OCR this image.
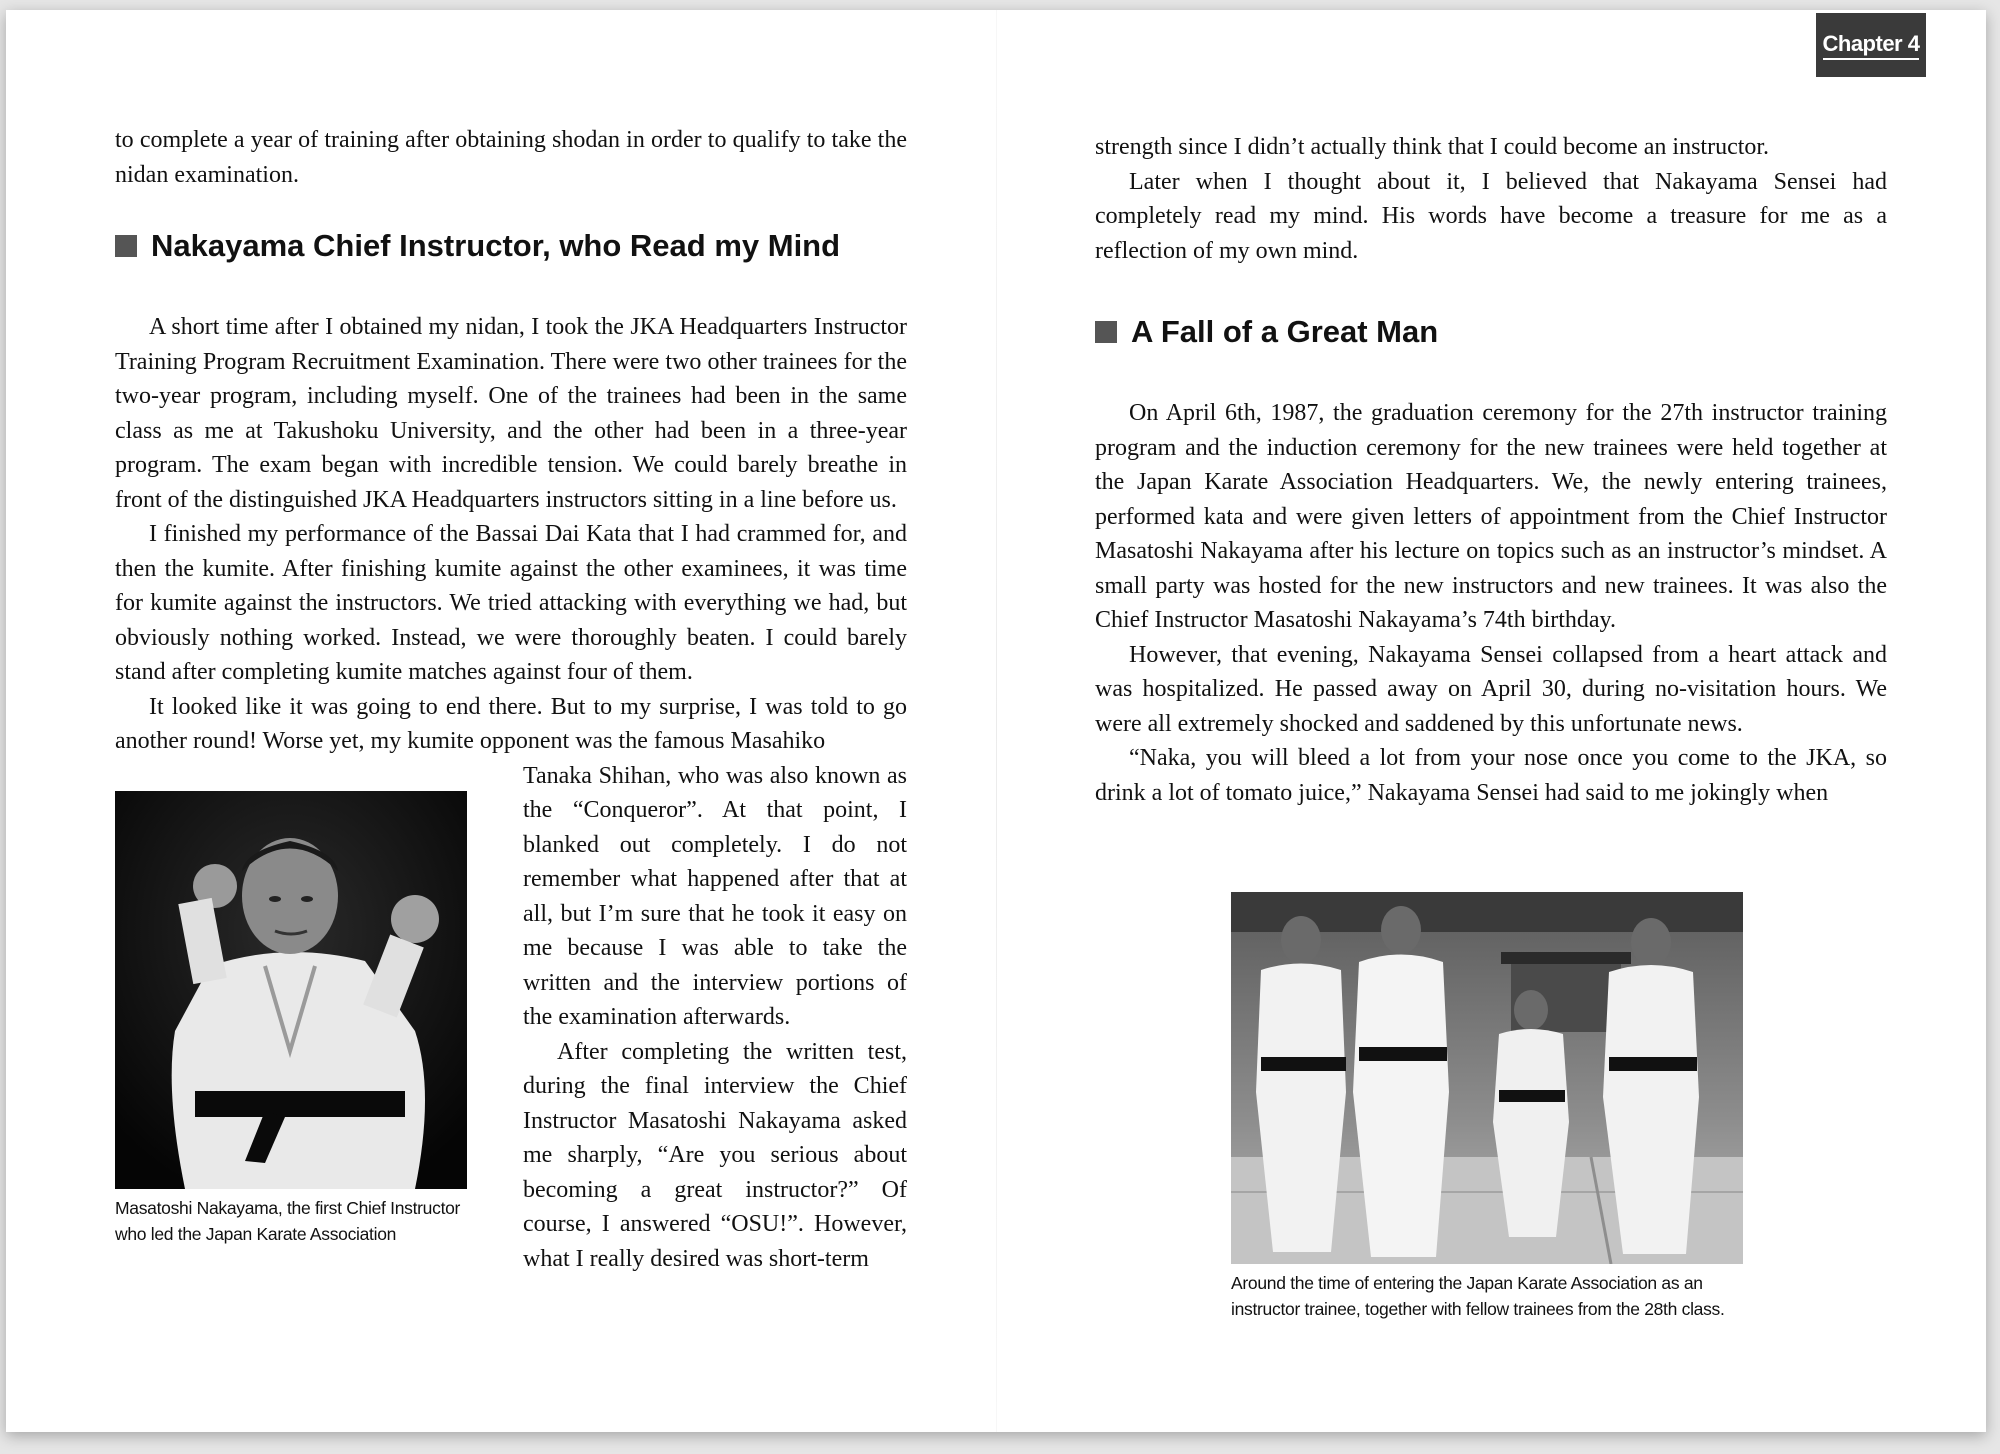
Chapter 4

to complete a year of training after obtaining shodan in order to qualify to take the nidan examination.

Nakayama Chief Instructor, who Read my Mind

A short time after I obtained my nidan, I took the JKA Headquarters Instructor Training Program Recruitment Examination. There were two other trainees for the two-year program, including myself. One of the trainees had been in the same class as me at Takushoku University, and the other had been in a three-year program. The exam began with incredible tension. We could barely breathe in front of the distinguished JKA Headquarters instructors sitting in a line before us.

I finished my performance of the Bassai Dai Kata that I had crammed for, and then the kumite. After finishing kumite against the other examinees, it was time for kumite against the instructors. We tried attacking with everything we had, but obviously nothing worked. Instead, we were thoroughly beaten. I could barely stand after completing kumite matches against four of them.

It looked like it was going to end there. But to my surprise, I was told to go another round! Worse yet, my kumite opponent was the famous Masahiko

Masatoshi Nakayama, the first Chief Instructor
who led the Japan Karate Association

Tanaka Shihan, who was also known as the “Conqueror”. At that point, I blanked out completely. I do not remember what happened after that at all, but I’m sure that he took it easy on me because I was able to take the written and the interview portions of the examination afterwards.

After completing the written test, during the final interview the Chief Instructor Masatoshi Nakayama asked me sharply, “Are you serious about becoming a great instructor?” Of course, I answered “OSU!”. However, what I really desired was short-term

strength since I didn’t actually think that I could become an instructor.

Later when I thought about it, I believed that Nakayama Sensei had completely read my mind. His words have become a treasure for me as a reflection of my own mind.

A Fall of a Great Man

On April 6th, 1987, the graduation ceremony for the 27th instructor training program and the induction ceremony for the new trainees were held together at the Japan Karate Association Headquarters. We, the newly entering trainees, performed kata and were given letters of appointment from the Chief Instructor Masatoshi Nakayama after his lecture on topics such as an instructor’s mindset. A small party was hosted for the new instructors and new trainees. It was also the Chief Instructor Masatoshi Nakayama’s 74th birthday.

However, that evening, Nakayama Sensei collapsed from a heart attack and was hospitalized. He passed away on April 30, during no-visitation hours. We were all extremely shocked and saddened by this unfortunate news.

“Naka, you will bleed a lot from your nose once you come to the JKA, so drink a lot of tomato juice,” Nakayama Sensei had said to me jokingly when

Around the time of entering the Japan Karate Association as an
instructor trainee, together with fellow trainees from the 28th class.
